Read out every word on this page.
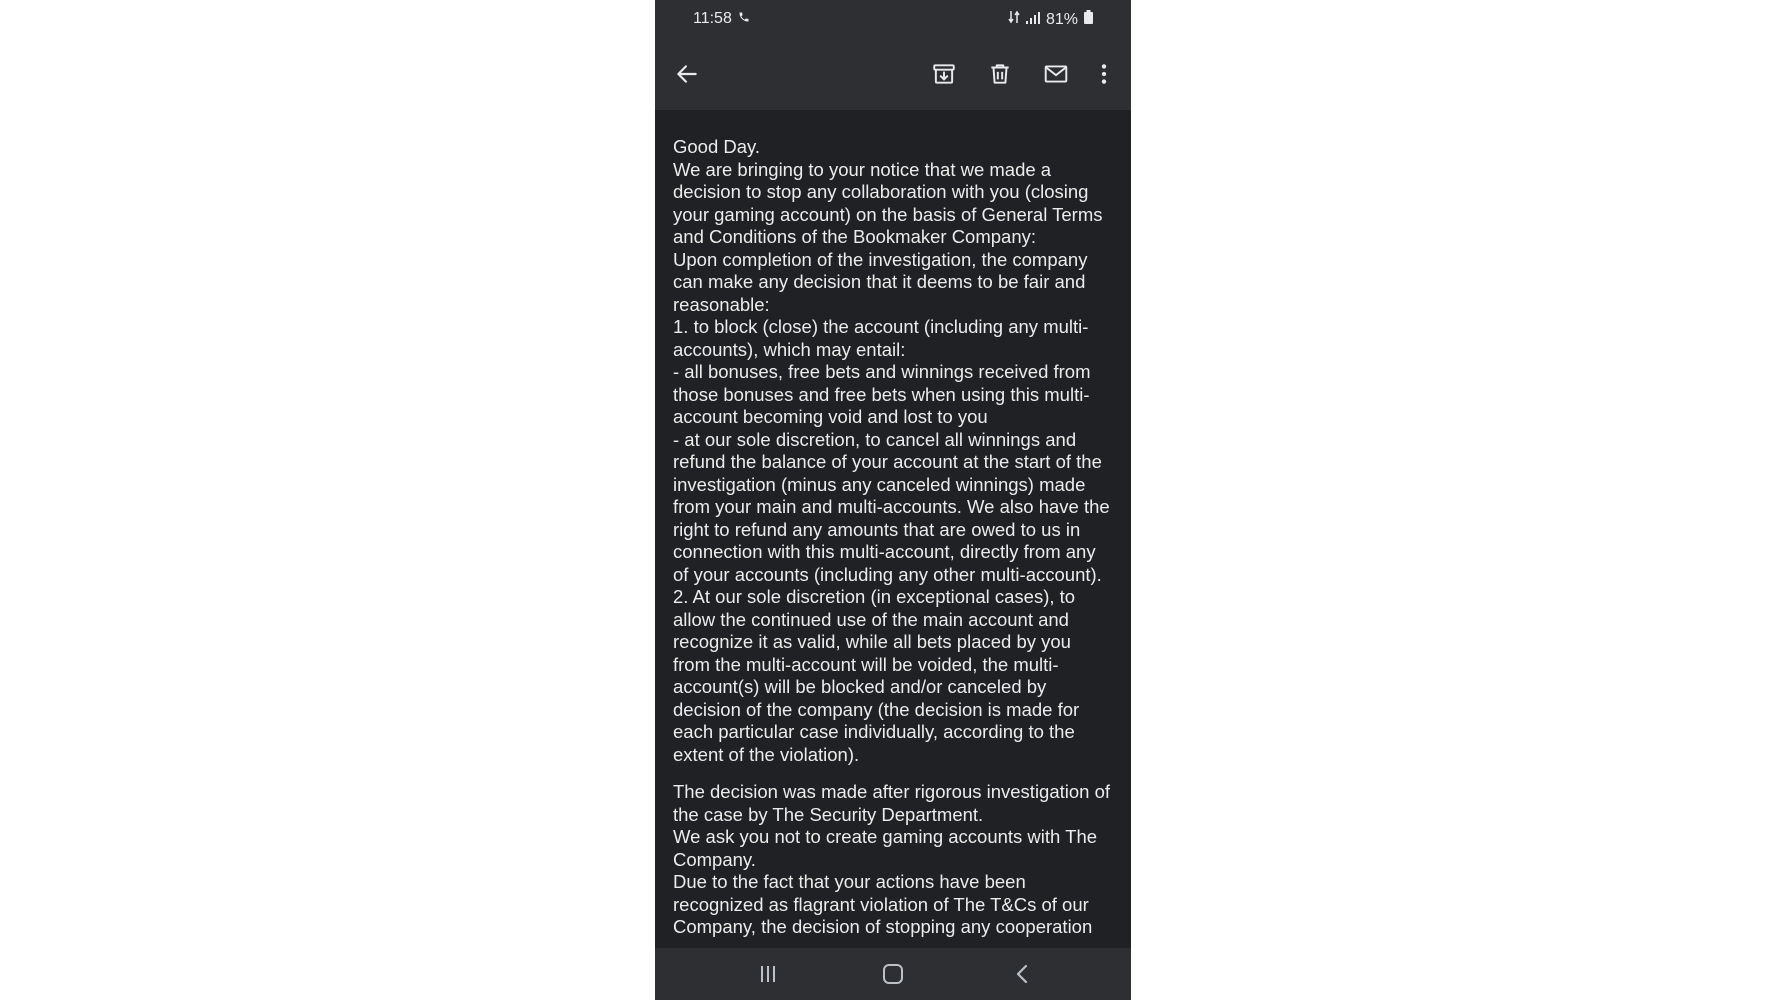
11:58	81%

Good Day.

We are bringing to your notice that we made a decision to stop any collaboration with you (closing your gaming account) on the basis of General Terms and Conditions of the Bookmaker Company:

Upon completion of the investigation, the company can make any decision that it deems to be fair and reasonable:

1. to block (close) the account (including any multi-accounts), which may entail:

- all bonuses, free bets and winnings received from those bonuses and free bets when using this multi-account becoming void and lost to you

- at our sole discretion, to cancel all winnings and refund the balance of your account at the start of the investigation (minus any canceled winnings) made from your main and multi-accounts. We also have the right to refund any amounts that are owed to us in connection with this multi-account, directly from any of your accounts (including any other multi-account).

2. At our sole discretion (in exceptional cases), to allow the continued use of the main account and recognize it as valid, while all bets placed by you from the multi-account will be voided, the multi-account(s) will be blocked and/or canceled by decision of the company (the decision is made for each particular case individually, according to the extent of the violation).

The decision was made after rigorous investigation of the case by The Security Department.

We ask you not to create gaming accounts with The Company.

Due to the fact that your actions have been recognized as flagrant violation of The T&Cs of our Company, the decision of stopping any cooperation
